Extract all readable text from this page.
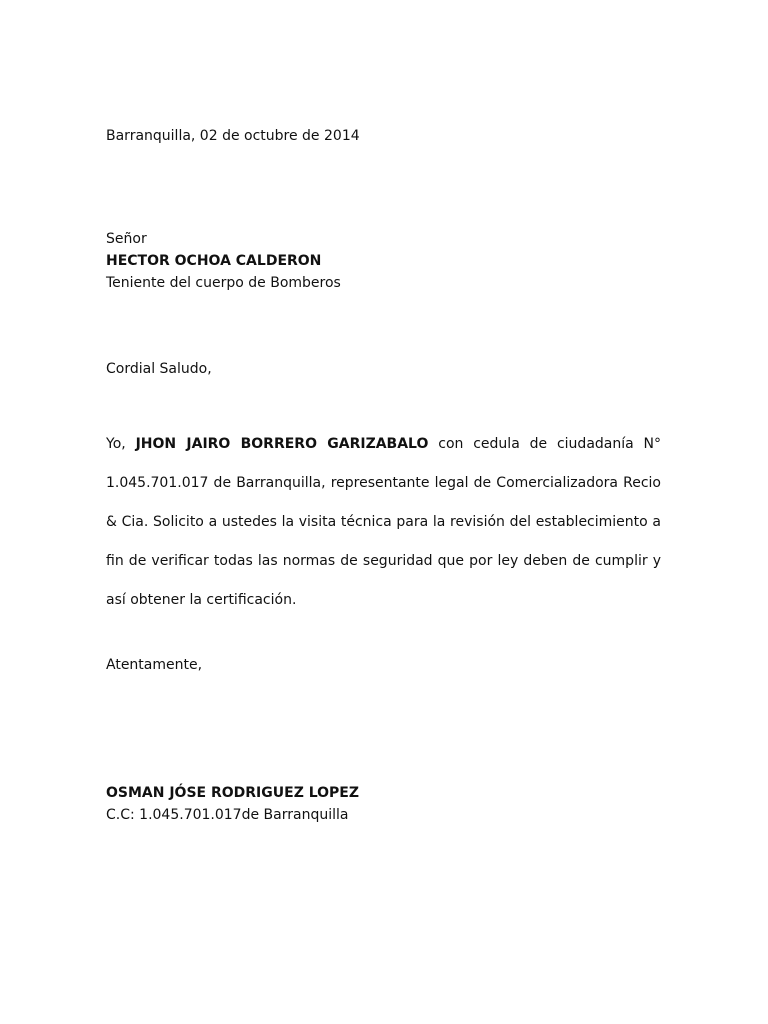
Barranquilla, 02 de octubre de 2014
Señor
HECTOR OCHOA CALDERON
Teniente del cuerpo de Bomberos
Cordial Saludo,
Yo, JHON JAIRO BORRERO GARIZABALO con cedula de ciudadanía N° 1.045.701.017 de Barranquilla, representante legal de Comercializadora Recio & Cia. Solicito a ustedes la visita técnica para la revisión del establecimiento a fin de verificar todas las normas de seguridad que por ley deben de cumplir y así obtener la certificación.
Atentamente,
OSMAN JÓSE RODRIGUEZ LOPEZ
C.C: 1.045.701.017de Barranquilla
